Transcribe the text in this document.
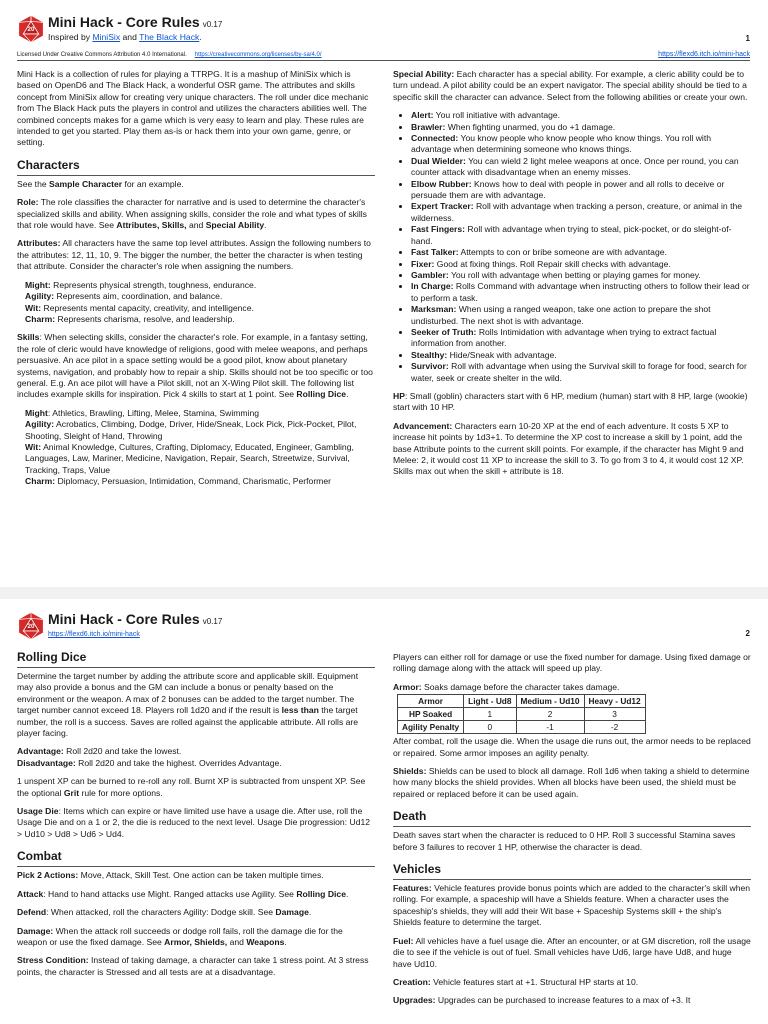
20 Mini Hack - Core Rules v0.17
Inspired by MiniSix and The Black Hack.	1
Licensed Under Creative Commons Attribution 4.0 International. https://creativecommons.org/licenses/by-sa/4.0/	https://flexd6.itch.io/mini-hack

Mini Hack is a collection of rules for playing a TTRPG. It is a mashup of MiniSix which is based on OpenD6 and The Black Hack, a wonderful OSR game. The attributes and skills concept from MiniSix allow for creating very unique characters. The roll under dice mechanic from The Black Hack puts the players in control and utilizes the characters abilities well. The combined concepts makes for a game which is very easy to learn and play. These rules are intended to get you started. Play them as-is or hack them into your own game, genre, or setting.

Characters

See the Sample Character for an example.

Role: The role classifies the character for narrative and is used to determine the character's specialized skills and ability. When assigning skills, consider the role and what types of skills that role would have. See Attributes, Skills, and Special Ability.

Attributes: All characters have the same top level attributes. Assign the following numbers to the attributes: 12, 11, 10, 9. The bigger the number, the better the character is when testing that attribute. Consider the character's role when assigning the numbers.

Might: Represents physical strength, toughness, endurance.
Agility: Represents aim, coordination, and balance.
Wit: Represents mental capacity, creativity, and intelligence.
Charm: Represents charisma, resolve, and leadership.

Skills: When selecting skills, consider the character's role. For example, in a fantasy setting, the role of cleric would have knowledge of religions, good with melee weapons, and perhaps persuasive. An ace pilot in a space setting would be a good pilot, know about planetary systems, navigation, and probably how to repair a ship. Skills should not be too specific or too general. E.g. An ace pilot will have a Pilot skill, not an X-Wing Pilot skill. The following list includes example skills for inspiration. Pick 4 skills to start at 1 point. See Rolling Dice.

Might: Athletics, Brawling, Lifting, Melee, Stamina, Swimming
Agility: Acrobatics, Climbing, Dodge, Driver, Hide/Sneak, Lock Pick, Pick-Pocket, Pilot, Shooting, Sleight of Hand, Throwing
Wit: Animal Knowledge, Cultures, Crafting, Diplomacy, Educated, Engineer, Gambling, Languages, Law, Mariner, Medicine, Navigation, Repair, Search, Streetwize, Survival, Tracking, Traps, Value
Charm: Diplomacy, Persuasion, Intimidation, Command, Charismatic, Performer

Special Ability: Each character has a special ability. For example, a cleric ability could be to turn undead. A pilot ability could be an expert navigator. The special ability should be tied to a specific skill the character can advance. Select from the following abilities or create your own.

• Alert: You roll initiative with advantage.
• Brawler: When fighting unarmed, you do +1 damage.
• Connected: You know people who know people who know things. You roll with advantage when determining someone who knows things.
• Dual Wielder: You can wield 2 light melee weapons at once. Once per round, you can counter attack with disadvantage when an enemy misses.
• Elbow Rubber: Knows how to deal with people in power and all rolls to deceive or persuade them are with advantage.
• Expert Tracker: Roll with advantage when tracking a person, creature, or animal in the wilderness.
• Fast Fingers: Roll with advantage when trying to steal, pick-pocket, or do sleight-of-hand.
• Fast Talker: Attempts to con or bribe someone are with advantage.
• Fixer: Good at fixing things. Roll Repair skill checks with advantage.
• Gambler: You roll with advantage when betting or playing games for money.
• In Charge: Rolls Command with advantage when instructing others to follow their lead or to perform a task.
• Marksman: When using a ranged weapon, take one action to prepare the shot undisturbed. The next shot is with advantage.
• Seeker of Truth: Rolls Intimidation with advantage when trying to extract factual information from another.
• Stealthy: Hide/Sneak with advantage.
• Survivor: Roll with advantage when using the Survival skill to forage for food, search for water, seek or create shelter in the wild.

HP: Small (goblin) characters start with 6 HP, medium (human) start with 8 HP, large (wookie) start with 10 HP.

Advancement: Characters earn 10-20 XP at the end of each adventure. It costs 5 XP to increase hit points by 1d3+1. To determine the XP cost to increase a skill by 1 point, add the base Attribute points to the current skill points. For example, if the character has Might 9 and Melee: 2, it would cost 11 XP to increase the skill to 3. To go from 3 to 4, it would cost 12 XP. Skills max out when the skill + attribute is 18.

20 Mini Hack - Core Rules v0.17
https://flexd6.itch.io/mini-hack	2
Rolling Dice

Determine the target number by adding the attribute score and applicable skill. Equipment may also provide a bonus and the GM can include a bonus or penalty based on the environment or the weapon. A max of 2 bonuses can be added to the target number. The target number cannot exceed 18. Players roll 1d20 and if the result is less than the target number, the roll is a success. Saves are rolled against the applicable attribute. All rolls are player facing.

Advantage: Roll 2d20 and take the lowest.
Disadvantage: Roll 2d20 and take the highest. Overrides Advantage.

1 unspent XP can be burned to re-roll any roll. Burnt XP is subtracted from unspent XP. See the optional Grit rule for more options.

Usage Die: Items which can expire or have limited use have a usage die. After use, roll the Usage Die and on a 1 or 2, the die is reduced to the next level. Usage Die progression: Ud12 > Ud10 > Ud8 > Ud6 > Ud4.

Combat

Pick 2 Actions: Move, Attack, Skill Test. One action can be taken multiple times.

Attack: Hand to hand attacks use Might. Ranged attacks use Agility. See Rolling Dice.

Defend: When attacked, roll the characters Agility: Dodge skill. See Damage.

Damage: When the attack roll succeeds or dodge roll fails, roll the damage die for the weapon or use the fixed damage. See Armor, Shields, and Weapons.

Stress Condition: Instead of taking damage, a character can take 1 stress point. At 3 stress points, the character is Stressed and all tests are at a disadvantage.

Players can either roll for damage or use the fixed number for damage. Using fixed damage or rolling damage along with the attack will speed up play.

Armor: Soaks damage before the character takes damage.
Armor	Light - Ud8	Medium - Ud10	Heavy - Ud12
HP Soaked	1	2	3
Agility Penalty	0	-1	-2

After combat, roll the usage die. When the usage die runs out, the armor needs to be replaced or repaired. Some armor imposes an agility penalty.

Shields: Shields can be used to block all damage. Roll 1d6 when taking a shield to determine how many blocks the shield provides. When all blocks have been used, the shield must be repaired or replaced before it can be used again.

Death

Death saves start when the character is reduced to 0 HP. Roll 3 successful Stamina saves before 3 failures to recover 1 HP, otherwise the character is dead.

Vehicles

Features: Vehicle features provide bonus points which are added to the character's skill when rolling. For example, a spaceship will have a Shields feature. When a character uses the spaceship's shields, they will add their Wit base + Spaceship Systems skill + the ship's Shields feature to determine the target.

Fuel: All vehicles have a fuel usage die. After an encounter, or at GM discretion, roll the usage die to see if the vehicle is out of fuel. Small vehicles have Ud6, large have Ud8, and huge have Ud10.

Creation: Vehicle features start at +1. Structural HP starts at 10.

Upgrades: Upgrades can be purchased to increase features to a max of +3. It
